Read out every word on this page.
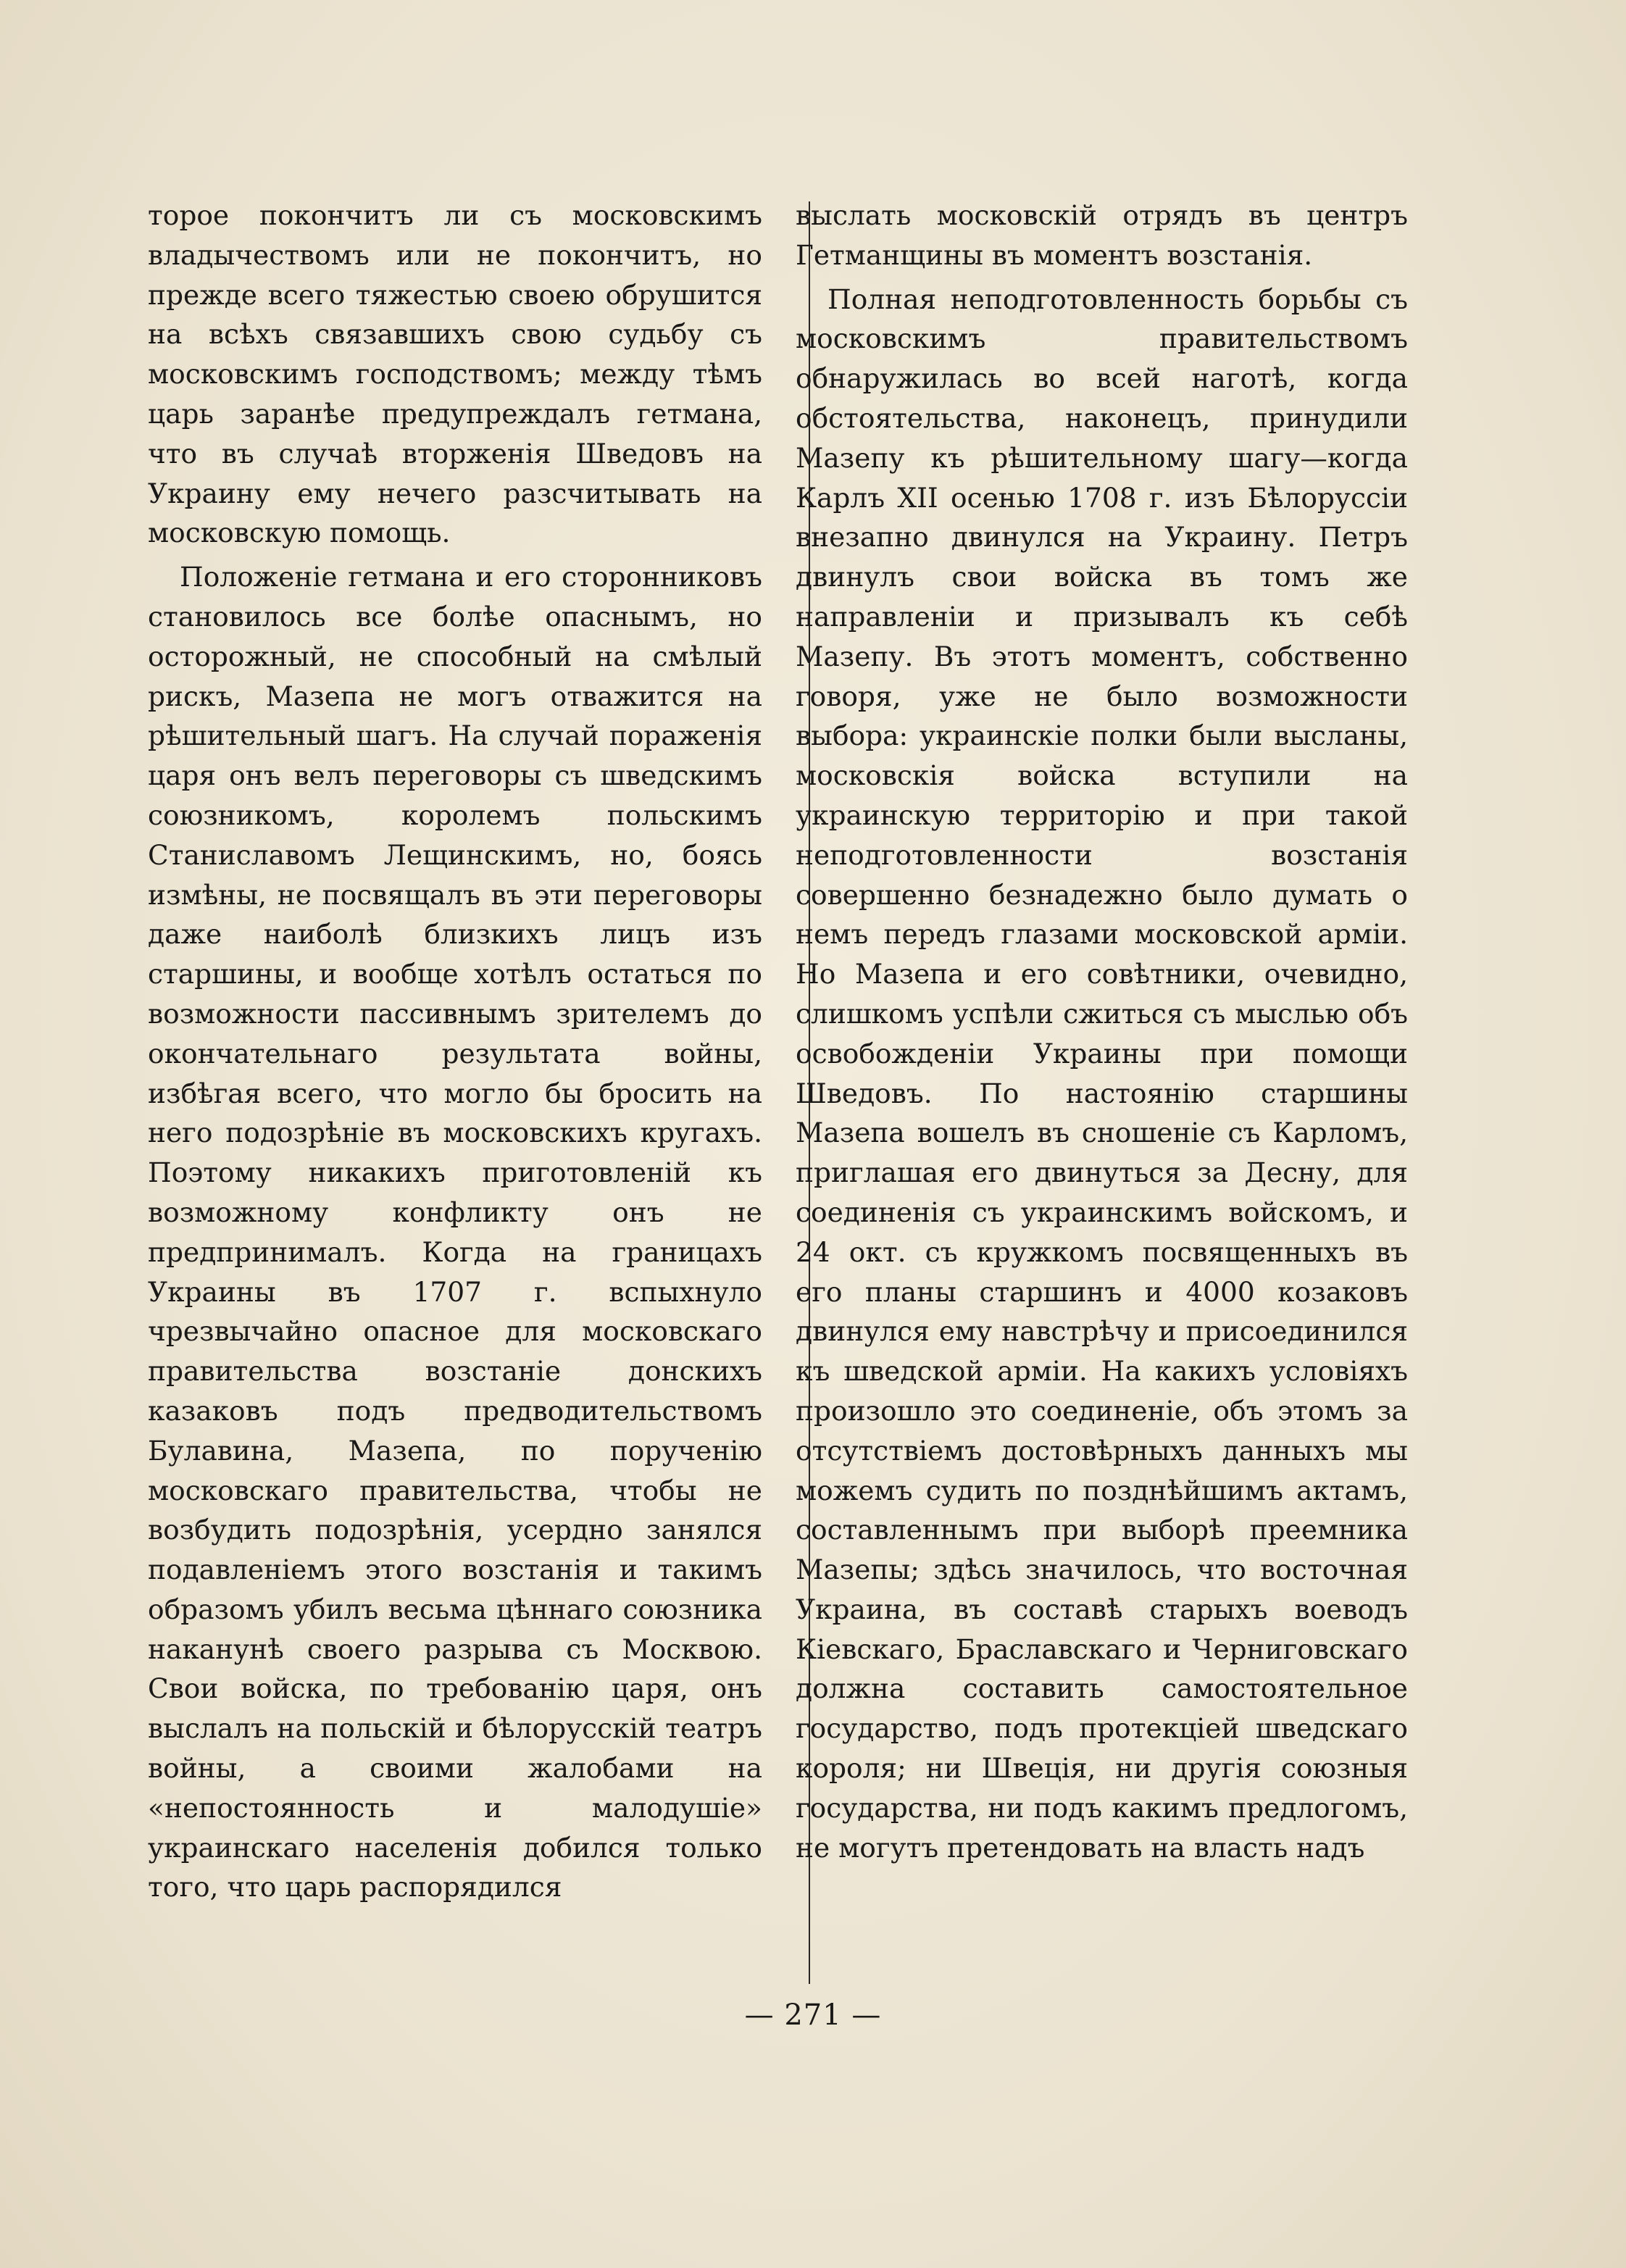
торое покончитъ ли съ московскимъ владычествомъ или не покончитъ, но прежде всего тяжестью своею обрушится на всѣхъ связавшихъ свою судьбу съ московскимъ господствомъ; между тѣмъ царь заранѣе предупреждалъ гетмана, что въ случаѣ вторженія Шведовъ на Украину ему нечего разсчитывать на московскую помощь.

Положеніе гетмана и его сторонниковъ становилось все болѣе опаснымъ, но осторожный, не способный на смѣлый рискъ, Мазепа не могъ отважится на рѣшительный шагъ. На случай пораженія царя онъ велъ переговоры съ шведскимъ союзникомъ, королемъ польскимъ Станиславомъ Лещинскимъ, но, боясь измѣны, не посвящалъ въ эти переговоры даже наиболѣ близкихъ лицъ изъ старшины, и вообще хотѣлъ остаться по возможности пассивнымъ зрителемъ до окончательнаго результата войны, избѣгая всего, что могло бы бросить на него подозрѣніе въ московскихъ кругахъ. Поэтому никакихъ приготовленій къ возможному конфликту онъ не предпринималъ. Когда на границахъ Украины въ 1707 г. вспыхнуло чрезвычайно опасное для московскаго правительства возстаніе донскихъ казаковъ подъ предводительствомъ Булавина, Мазепа, по порученію московскаго правительства, чтобы не возбудить подозрѣнія, усердно занялся подавленіемъ этого возстанія и такимъ образомъ убилъ весьма цѣннаго союзника наканунѣ своего разрыва съ Москвою. Свои войска, по требованію царя, онъ выслалъ на польскій и бѣлорусскій театръ войны, а своими жалобами на «непостоянность и малодушіе» украинскаго населенія добился только того, что царь распорядился

выслать московскій отрядъ въ центръ Гетманщины въ моментъ возстанія.

Полная неподготовленность борьбы съ московскимъ правительствомъ обнаружилась во всей наготѣ, когда обстоятельства, наконецъ, принудили Мазепу къ рѣшительному шагу—когда Карлъ XII осенью 1708 г. изъ Бѣлоруссіи внезапно двинулся на Украину. Петръ двинулъ свои войска въ томъ же направленіи и призывалъ къ себѣ Мазепу. Въ этотъ моментъ, собственно говоря, уже не было возможности выбора: украинскіе полки были высланы, московскія войска вступили на украинскую территорію и при такой неподготовленности возстанія совершенно безнадежно было думать о немъ передъ глазами московской арміи. Но Мазепа и его совѣтники, очевидно, слишкомъ успѣли сжиться съ мыслью объ освобожденіи Украины при помощи Шведовъ. По настоянію старшины Мазепа вошелъ въ сношеніе съ Карломъ, приглашая его двинуться за Десну, для соединенія съ украинскимъ войскомъ, и 24 окт. съ кружкомъ посвященныхъ въ его планы старшинъ и 4000 козаковъ двинулся ему навстрѣчу и присоединился къ шведской арміи. На какихъ условіяхъ произошло это соединеніе, объ этомъ за отсутствіемъ достовѣрныхъ данныхъ мы можемъ судить по позднѣйшимъ актамъ, составленнымъ при выборѣ преемника Мазепы; здѣсь значилось, что восточная Украина, въ составѣ старыхъ воеводъ Кіевскаго, Браславскаго и Черниговскаго должна составить самостоятельное государство, подъ протекціей шведскаго короля; ни Швеція, ни другія союзныя государства, ни подъ какимъ предлогомъ, не могутъ претендовать на власть надъ

— 271 —
